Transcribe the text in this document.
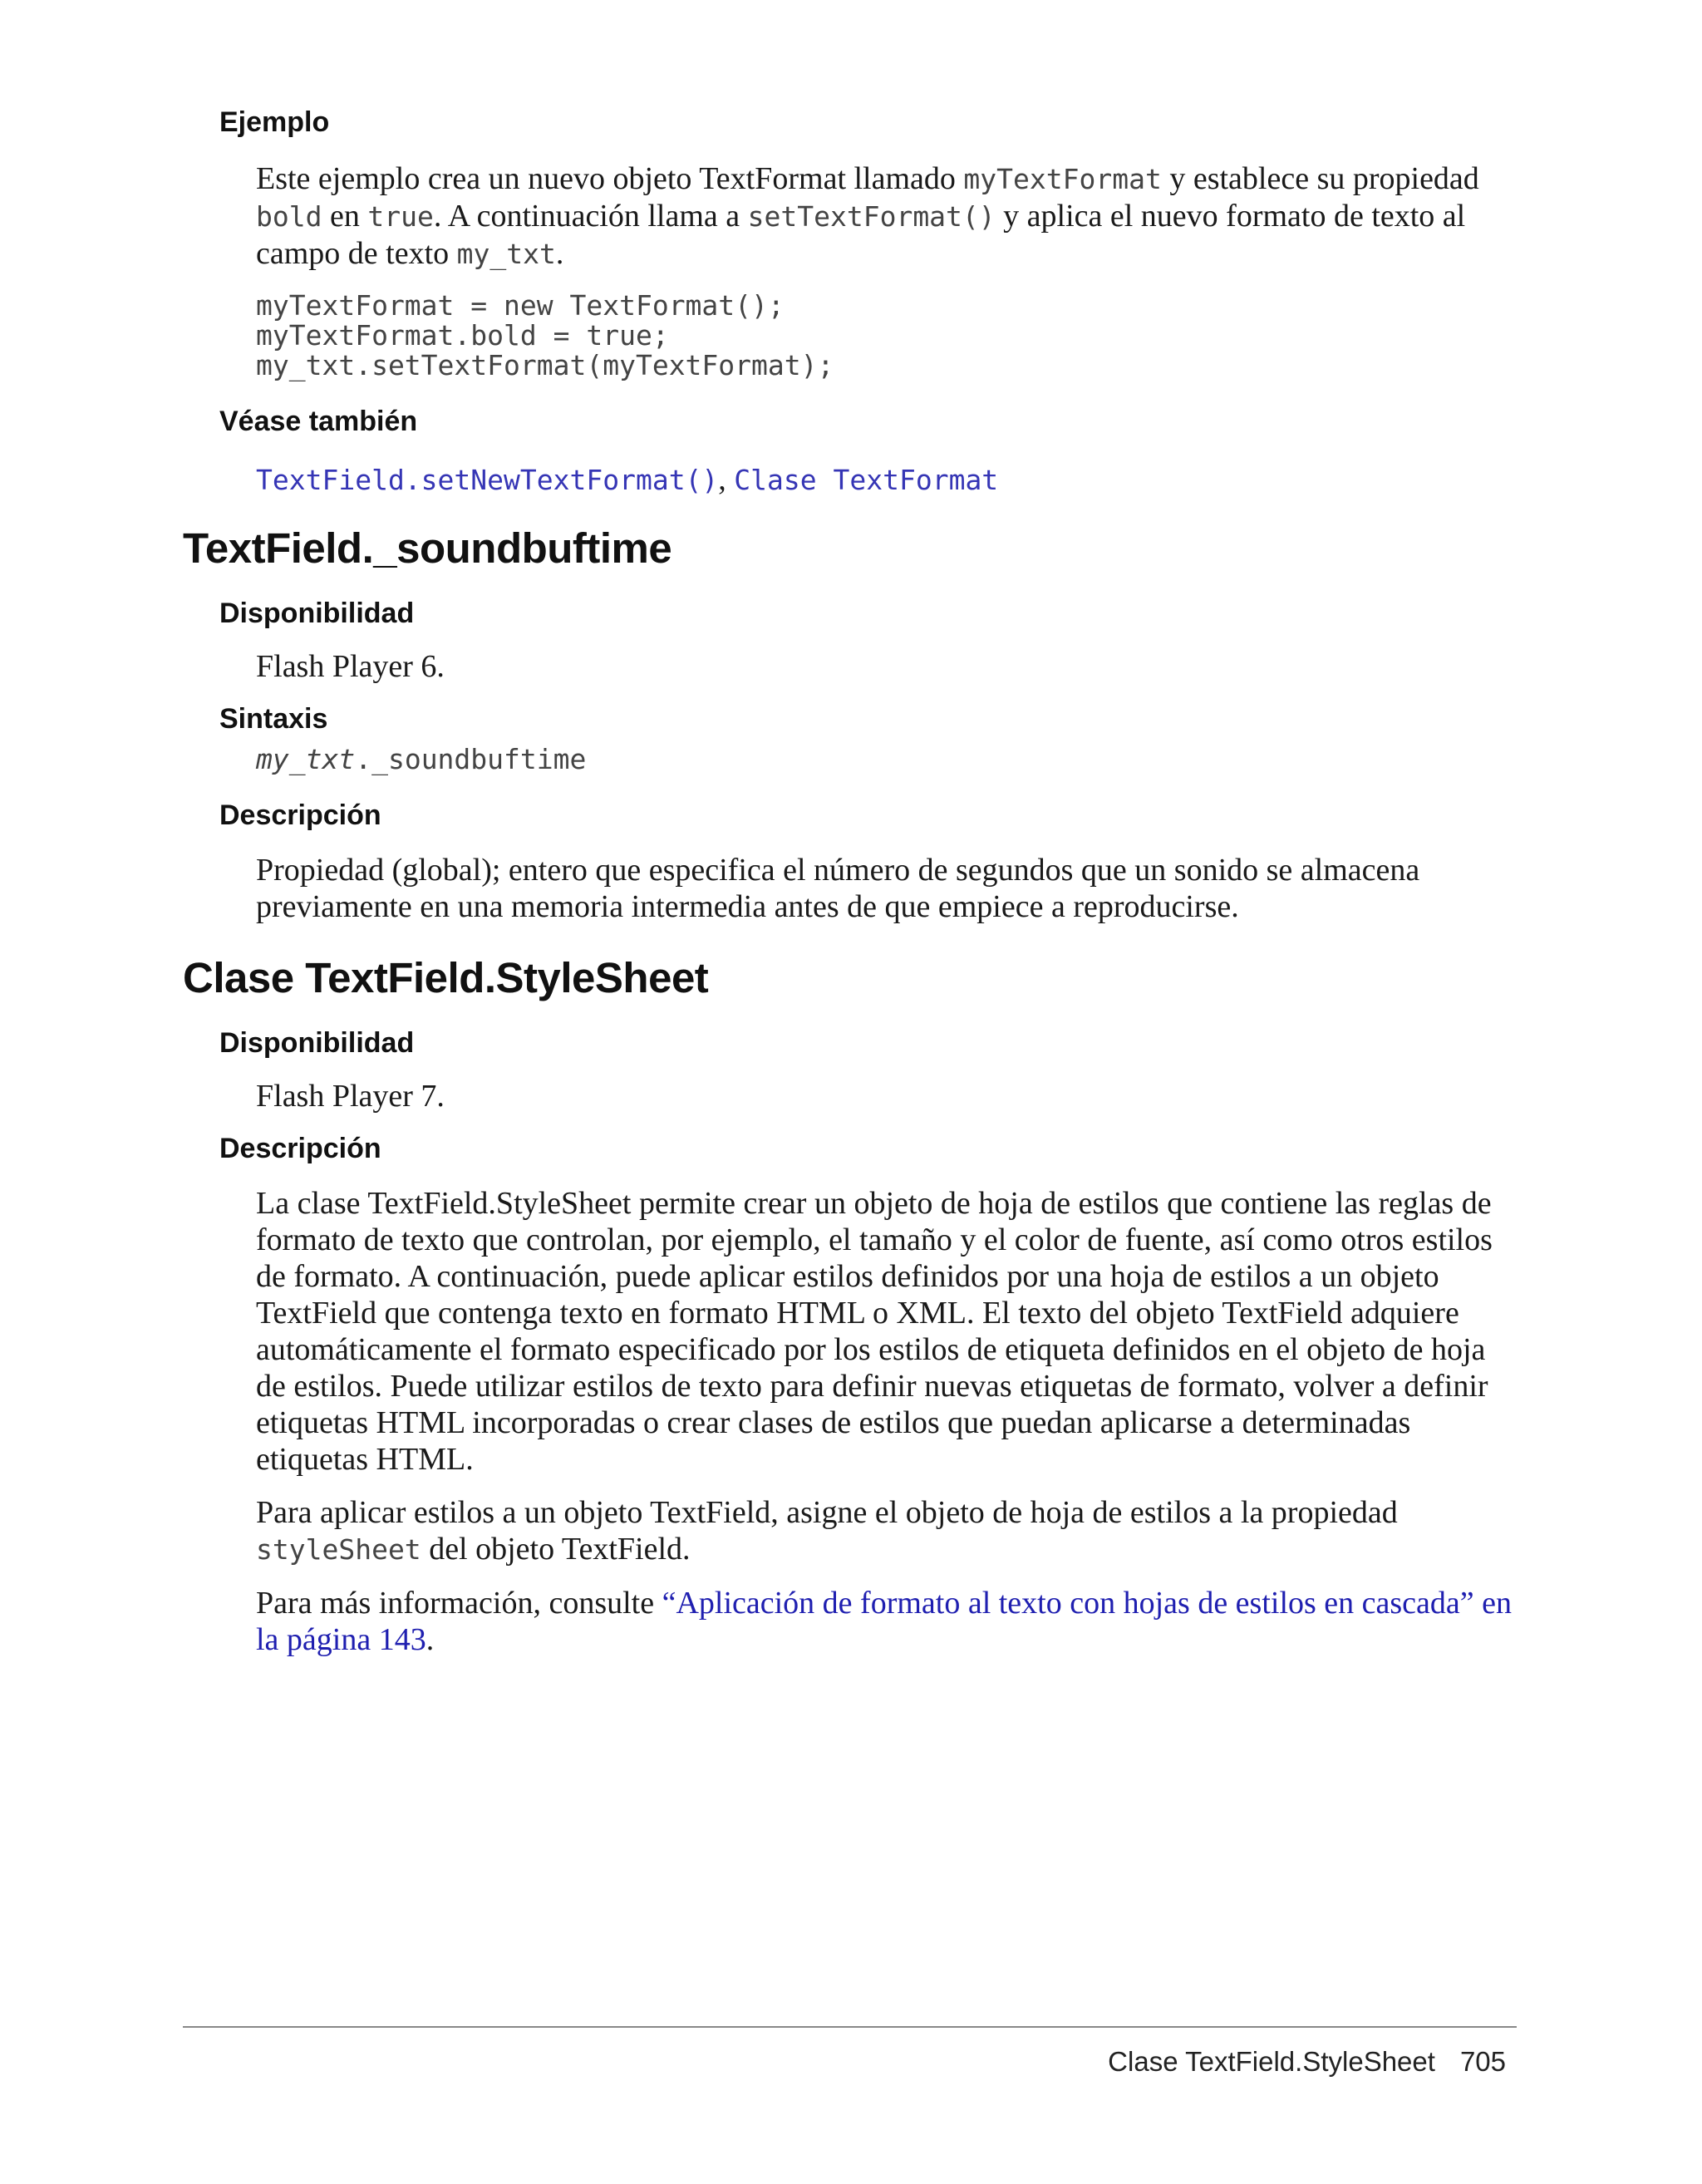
Ejemplo

Este ejemplo crea un nuevo objeto TextFormat llamado myTextFormat y establece su propiedad bold en true. A continuación llama a setTextFormat() y aplica el nuevo formato de texto al campo de texto my_txt.

myTextFormat = new TextFormat();
myTextFormat.bold = true;
my_txt.setTextFormat(myTextFormat);
Véase también

TextField.setNewTextFormat(), Clase TextFormat

TextField._soundbuftime
Disponibilidad

Flash Player 6.

Sintaxis

my_txt._soundbuftime

Descripción

Propiedad (global); entero que especifica el número de segundos que un sonido se almacena previamente en una memoria intermedia antes de que empiece a reproducirse.

Clase TextField.StyleSheet
Disponibilidad

Flash Player 7.

Descripción

La clase TextField.StyleSheet permite crear un objeto de hoja de estilos que contiene las reglas de formato de texto que controlan, por ejemplo, el tamaño y el color de fuente, así como otros estilos de formato. A continuación, puede aplicar estilos definidos por una hoja de estilos a un objeto TextField que contenga texto en formato HTML o XML. El texto del objeto TextField adquiere automáticamente el formato especificado por los estilos de etiqueta definidos en el objeto de hoja de estilos. Puede utilizar estilos de texto para definir nuevas etiquetas de formato, volver a definir etiquetas HTML incorporadas o crear clases de estilos que puedan aplicarse a determinadas etiquetas HTML.

Para aplicar estilos a un objeto TextField, asigne el objeto de hoja de estilos a la propiedad styleSheet del objeto TextField.

Para más información, consulte “Aplicación de formato al texto con hojas de estilos en cascada” en la página 143.

Clase TextField.StyleSheet 705
